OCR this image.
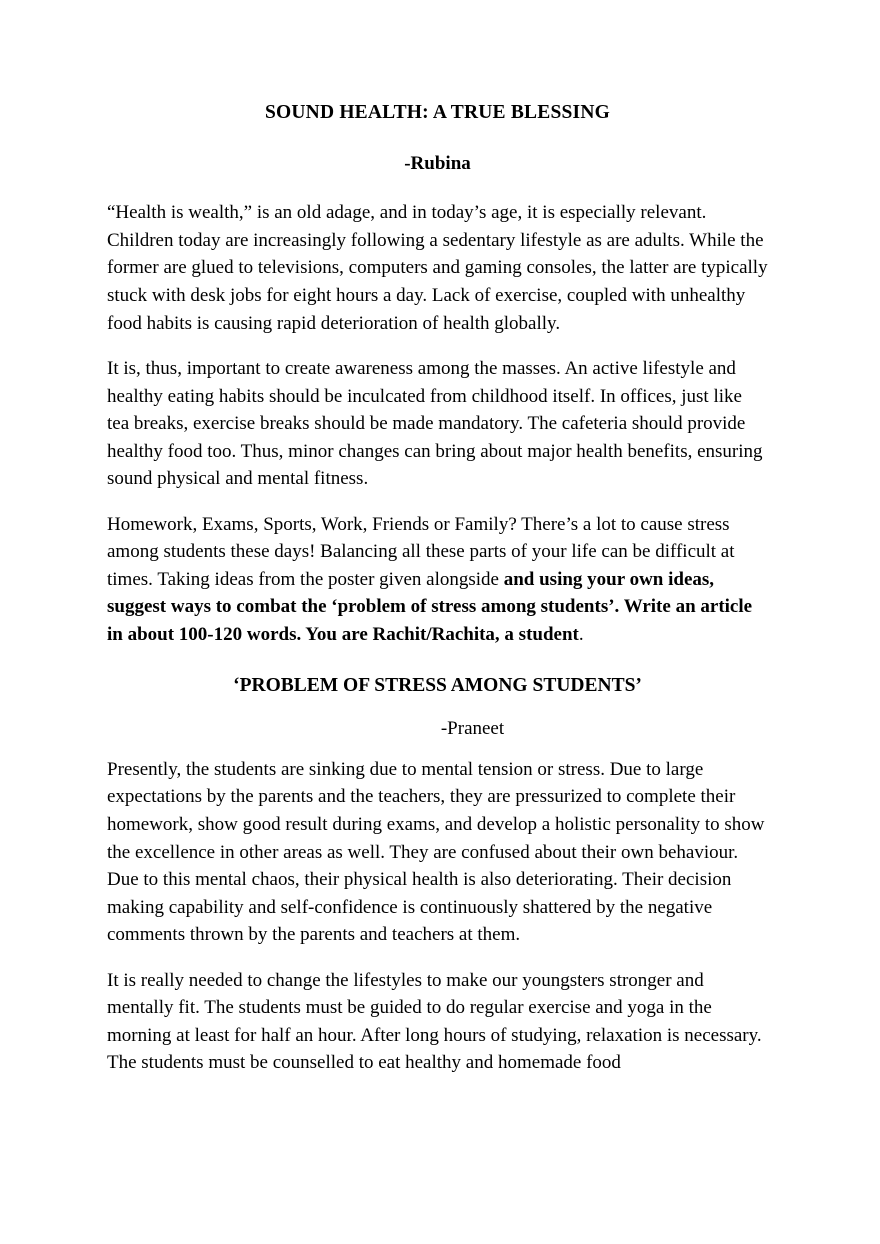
SOUND HEALTH: A TRUE BLESSING
-Rubina

“Health is wealth,” is an old adage, and in today’s age, it is especially relevant. Children today are increasingly following a sedentary lifestyle as are adults. While the former are glued to televisions, computers and gaming consoles, the latter are typically stuck with desk jobs for eight hours a day. Lack of exercise, coupled with unhealthy food habits is causing rapid deterioration of health globally.

It is, thus, important to create awareness among the masses. An active lifestyle and healthy eating habits should be inculcated from childhood itself. In offices, just like tea breaks, exercise breaks should be made mandatory. The cafeteria should provide healthy food too. Thus, minor changes can bring about major health benefits, ensuring sound physical and mental fitness.

Homework, Exams, Sports, Work, Friends or Family? There’s a lot to cause stress among students these days! Balancing all these parts of your life can be difficult at times. Taking ideas from the poster given alongside and using your own ideas, suggest ways to combat the ‘problem of stress among students’. Write an article in about 100-120 words. You are Rachit/Rachita, a student.

‘PROBLEM OF STRESS AMONG STUDENTS’
-Praneet

Presently, the students are sinking due to mental tension or stress. Due to large expectations by the parents and the teachers, they are pressurized to complete their homework, show good result during exams, and develop a holistic personality to show the excellence in other areas as well. They are confused about their own behaviour. Due to this mental chaos, their physical health is also deteriorating. Their decision making capability and self-confidence is continuously shattered by the negative comments thrown by the parents and teachers at them.

It is really needed to change the lifestyles to make our youngsters stronger and mentally fit. The students must be guided to do regular exercise and yoga in the morning at least for half an hour. After long hours of studying, relaxation is necessary. The students must be counselled to eat healthy and homemade food
